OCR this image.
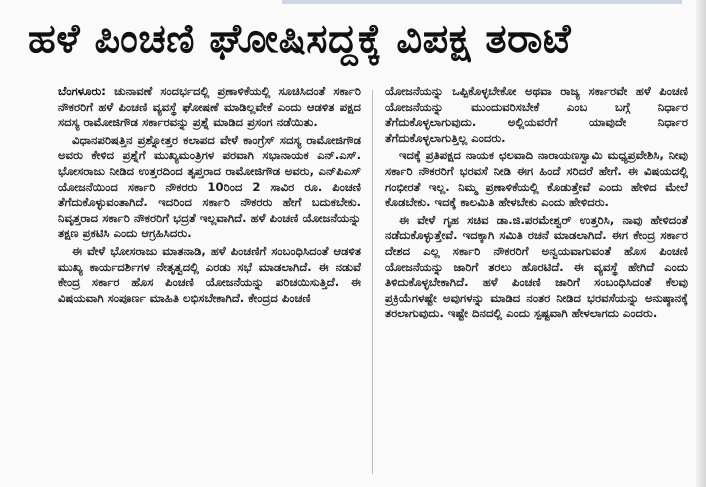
ಹಳೆ ಪಿಂಚಣಿ ಘೋಷಿಸದ್ದಕ್ಕೆ ವಿಪಕ್ಷ ತರಾಟೆ

ಬೆಂಗಳೂರು: ಚುನಾವಣೆ ಸಂದರ್ಭದಲ್ಲಿ ಪ್ರಣಾಳಿಕೆಯಲ್ಲಿ ಸೂಚಿಸಿದಂತೆ ಸರ್ಕಾರಿ ನೌಕರರಿಗೆ ಹಳೆ ಪಿಂಚಣಿ ವ್ಯವಸ್ಥೆ ಘೋಷಣೆ ಮಾಡಿಲ್ಲವೇಕೆ ಎಂದು ಆಡಳಿತ ಪಕ್ಷದ ಸದಸ್ಯ ರಾಮೋಜಿಗೌಡ ಸರ್ಕಾರವನ್ನು ಪ್ರಶ್ನೆ ಮಾಡಿದ ಪ್ರಸಂಗ ನಡೆಯಿತು.

ವಿಧಾನಪರಿಷತ್ತಿನ ಪ್ರಶ್ನೋತ್ತರ ಕಲಾಪದ ವೇಳೆ ಕಾಂಗ್ರೆಸ್ ಸದಸ್ಯ ರಾಮೋಜಿಗೌಡ ಅವರು ಕೇಳಿದ ಪ್ರಶ್ನೆಗೆ ಮುಖ್ಯಮಂತ್ರಿಗಳ ಪರವಾಗಿ ಸಭಾನಾಯಕ ಎನ್.ಎಸ್. ಭೋಸರಾಜು ನೀಡಿದ ಉತ್ತರದಿಂದ ತೃಪ್ತರಾದ ರಾಮೋಜಿಗೌಡ ಅವರು, ಎನ್‌ಪಿಎಸ್ ಯೋಜನೆಯಿಂದ ಸರ್ಕಾರಿ ನೌಕರರು 10ರಿಂದ 2 ಸಾವಿರ ರೂ. ಪಿಂಚಣಿ ತೆಗೆದುಕೊಳ್ಳುವಂತಾಗಿದೆ. ಇದರಿಂದ ಸರ್ಕಾರಿ ನೌಕರರು ಹೇಗೆ ಬದುಕಬೇಕು. ನಿವೃತ್ತರಾದ ಸರ್ಕಾರಿ ನೌಕರರಿಗೆ ಭದ್ರತೆ ಇಲ್ಲವಾಗಿದೆ. ಹಳೆ ಪಿಂಚಣಿ ಯೋಜನೆಯನ್ನು ತಕ್ಷಣ ಪ್ರಕಟಿಸಿ ಎಂದು ಆಗ್ರಹಿಸಿದರು.

ಈ ವೇಳೆ ಭೋಸರಾಜು ಮಾತನಾಡಿ, ಹಳೆ ಪಿಂಚಣಿಗೆ ಸಂಬಂಧಿಸಿದಂತೆ ಆಡಳಿತ ಮುಖ್ಯ ಕಾರ್ಯದರ್ಶಿಗಳ ನೇತೃತ್ವದಲ್ಲಿ ಎರಡು ಸಭೆ ಮಾಡಲಾಗಿದೆ. ಈ ನಡುವೆ ಕೇಂದ್ರ ಸರ್ಕಾರ ಹೊಸ ಪಿಂಚಣಿ ಯೋಜನೆಯನ್ನು ಪರಿಚಯಿಸುತ್ತಿದೆ. ಈ ವಿಷಯವಾಗಿ ಸಂಪೂರ್ಣ ಮಾಹಿತಿ ಲಭಿಸಬೇಕಾಗಿದೆ. ಕೇಂದ್ರದ ಪಿಂಚಣಿ

ಯೋಜನೆಯನ್ನು ಒಪ್ಪಿಕೊಳ್ಳಬೇಕೋ ಅಥವಾ ರಾಜ್ಯ ಸರ್ಕಾರವೇ ಹಳೆ ಪಿಂಚಣಿ ಯೋಜನೆಯನ್ನು ಮುಂದುವರಿಸಬೇಕೆ ಎಂಬ ಬಗ್ಗೆ ನಿರ್ಧಾರ ತೆಗೆದುಕೊಳ್ಳಲಾಗುವುದು. ಅಲ್ಲಿಯವರೆಗೆ ಯಾವುದೇ ನಿರ್ಧಾರ ತೆಗೆದುಕೊಳ್ಳಲಾಗುತ್ತಿಲ್ಲ ಎಂದರು.

ಇದಕ್ಕೆ ಪ್ರತಿಪಕ್ಷದ ನಾಯಕ ಛಲವಾದಿ ನಾರಾಯಣಸ್ವಾಮಿ ಮಧ್ಯಪ್ರವೇಶಿಸಿ, ನೀವು ಸರ್ಕಾರಿ ನೌಕರರಿಗೆ ಭರವಸೆ ನೀಡಿ ಈಗ ಹಿಂದೆ ಸರಿದರೆ ಹೇಗೆ. ಈ ವಿಷಯದಲ್ಲಿ ಗಂಭೀರತೆ ಇಲ್ಲ. ನಿಮ್ಮ ಪ್ರಣಾಳಿಕೆಯಲ್ಲಿ ಕೊಡುತ್ತೇವೆ ಎಂದು ಹೇಳಿದ ಮೇಲೆ ಕೊಡಬೇಕು. ಇದಕ್ಕೆ ಕಾಲಮಿತಿ ಹೇಳಬೇಕು ಎಂದು ಹೇಳಿದರು.

ಈ ವೇಳೆ ಗೃಹ ಸಚಿವ ಡಾ.ಜಿ.ಪರಮೇಶ್ವರ್ ಉತ್ತರಿಸಿ, ನಾವು ಹೇಳಿದಂತೆ ನಡೆದುಕೊಳ್ಳುತ್ತೇವೆ. ಇದಕ್ಕಾಗಿ ಸಮಿತಿ ರಚನೆ ಮಾಡಲಾಗಿದೆ. ಈಗ ಕೇಂದ್ರ ಸರ್ಕಾರ ದೇಶದ ಎಲ್ಲ ಸರ್ಕಾರಿ ನೌಕರರಿಗೆ ಅನ್ವಯವಾಗುವಂತೆ ಹೊಸ ಪಿಂಚಣಿ ಯೋಜನೆಯನ್ನು ಜಾರಿಗೆ ತರಲು ಹೊರಟಿದೆ. ಈ ವ್ಯವಸ್ಥೆ ಹೇಗಿದೆ ಎಂದು ತಿಳಿದುಕೊಳ್ಳಬೇಕಾಗಿದೆ. ಹಳೆ ಪಿಂಚಣಿ ಜಾರಿಗೆ ಸಂಬಂಧಿಸಿದಂತೆ ಕೆಲವು ಪ್ರಕ್ರಿಯೆಗಳಷ್ಟೇ ಅವುಗಳನ್ನು ಮಾಡಿದ ನಂತರ ನೀಡಿದ ಭರವಸೆಯನ್ನು ಅನುಷ್ಠಾನಕ್ಕೆ ತರಲಾಗುವುದು. ಇಷ್ಟೇ ದಿನದಲ್ಲಿ ಎಂದು ಸ್ಪಷ್ಟವಾಗಿ ಹೇಳಲಾಗದು ಎಂದರು.
